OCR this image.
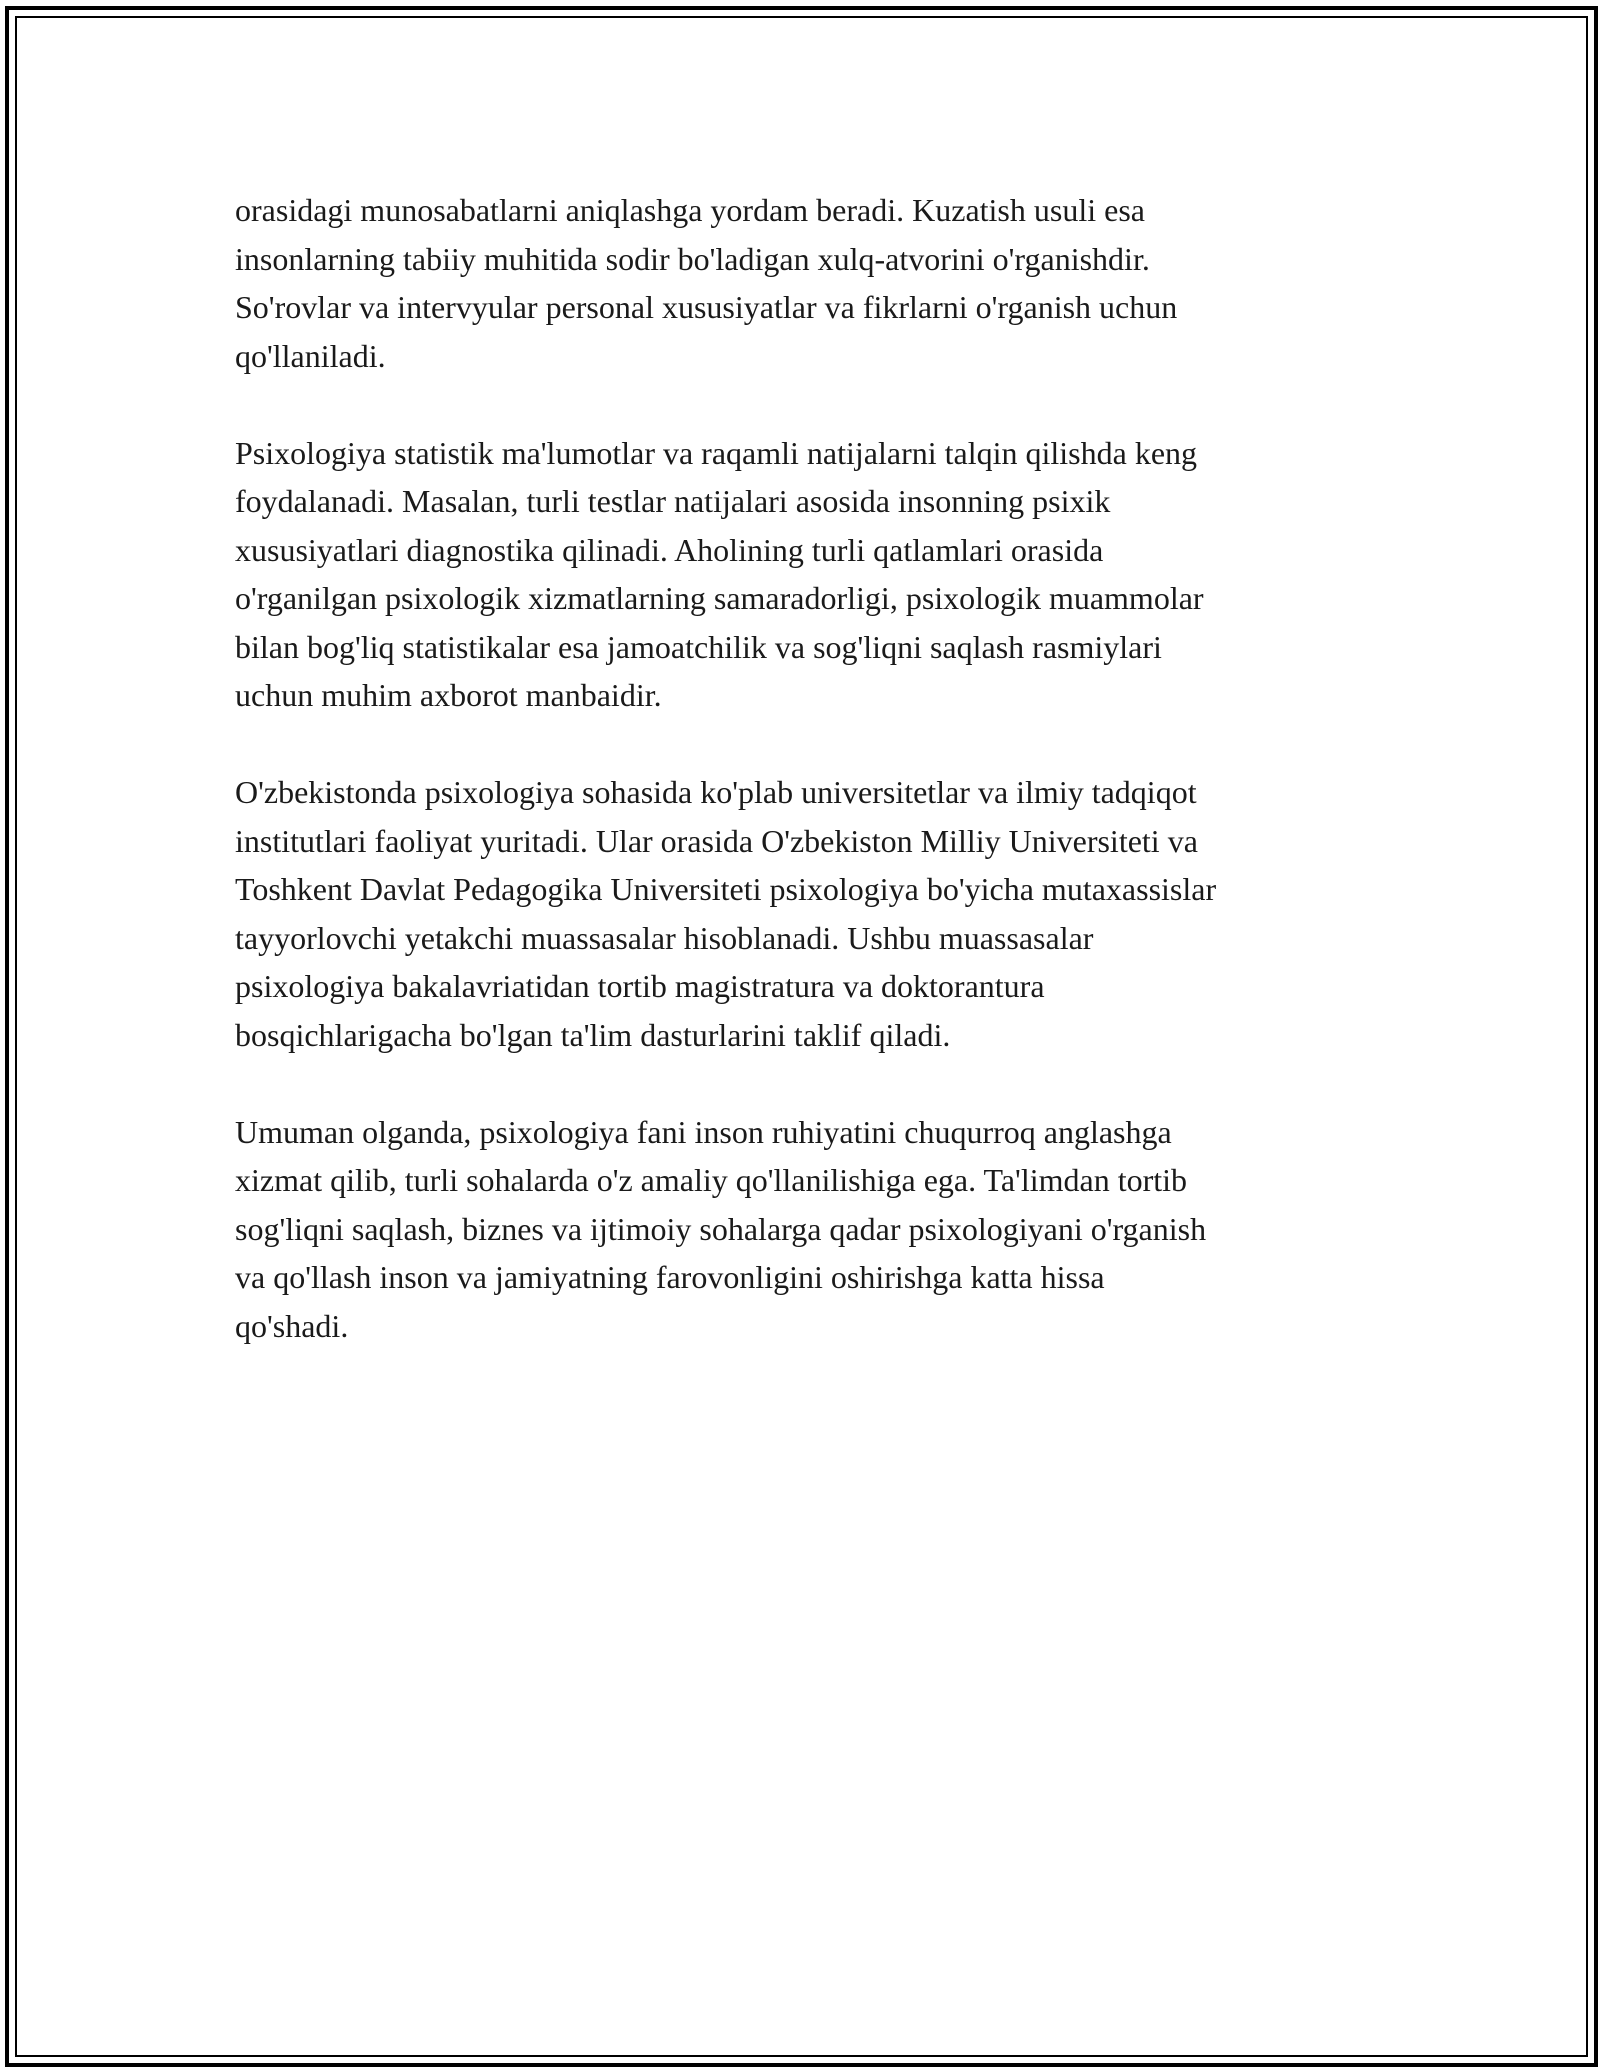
orasidagi munosabatlarni aniqlashga yordam beradi. Kuzatish usuli esa
insonlarning tabiiy muhitida sodir bo'ladigan xulq-atvorini o'rganishdir.
So'rovlar va intervyular personal xususiyatlar va fikrlarni o'rganish uchun
qo'llaniladi.

Psixologiya statistik ma'lumotlar va raqamli natijalarni talqin qilishda keng
foydalanadi. Masalan, turli testlar natijalari asosida insonning psixik
xususiyatlari diagnostika qilinadi. Aholining turli qatlamlari orasida
o'rganilgan psixologik xizmatlarning samaradorligi, psixologik muammolar
bilan bog'liq statistikalar esa jamoatchilik va sog'liqni saqlash rasmiylari
uchun muhim axborot manbaidir.

O'zbekistonda psixologiya sohasida ko'plab universitetlar va ilmiy tadqiqot
institutlari faoliyat yuritadi. Ular orasida O'zbekiston Milliy Universiteti va
Toshkent Davlat Pedagogika Universiteti psixologiya bo'yicha mutaxassislar
tayyorlovchi yetakchi muassasalar hisoblanadi. Ushbu muassasalar
psixologiya bakalavriatidan tortib magistratura va doktorantura
bosqichlarigacha bo'lgan ta'lim dasturlarini taklif qiladi.

Umuman olganda, psixologiya fani inson ruhiyatini chuqurroq anglashga
xizmat qilib, turli sohalarda o'z amaliy qo'llanilishiga ega. Ta'limdan tortib
sog'liqni saqlash, biznes va ijtimoiy sohalarga qadar psixologiyani o'rganish
va qo'llash inson va jamiyatning farovonligini oshirishga katta hissa
qo'shadi.
